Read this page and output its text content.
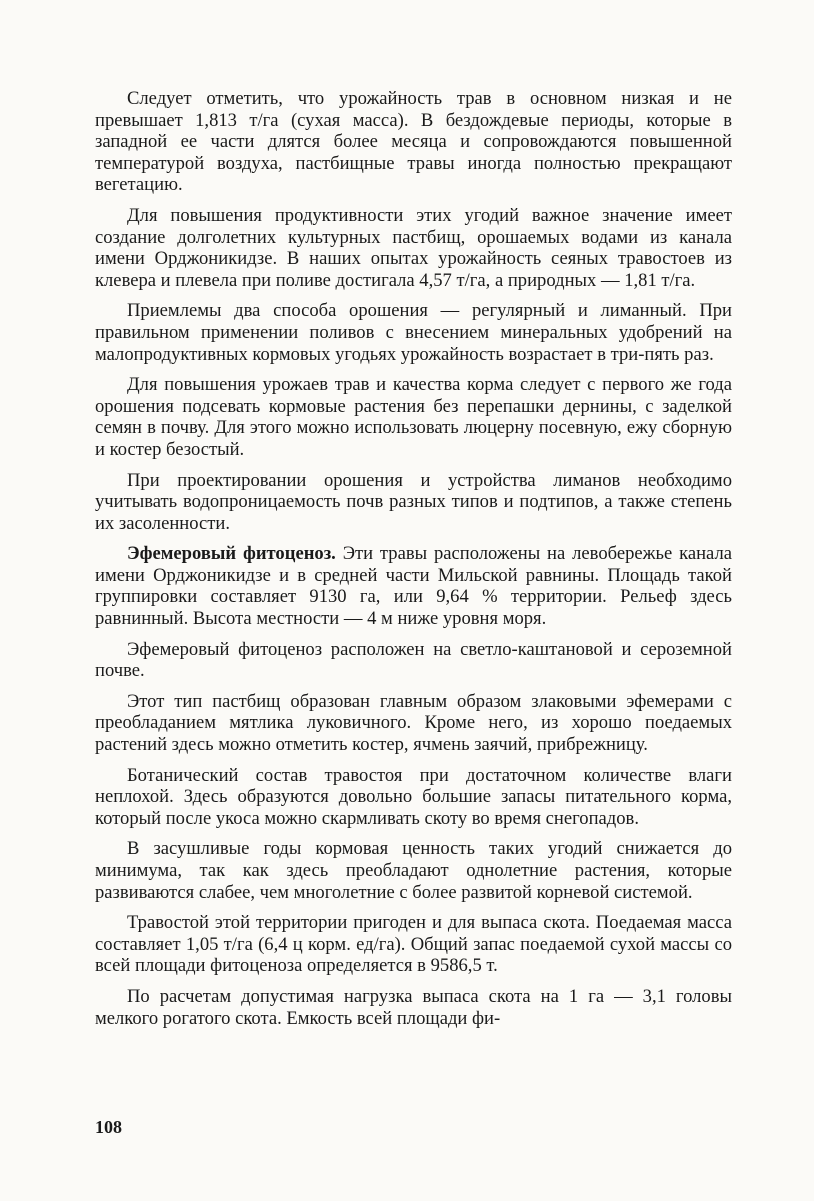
Следует отметить, что урожайность трав в основном низкая и не превышает 1,813 т/га (сухая масса). В бездождевые периоды, которые в западной ее части длятся более месяца и сопровождаются повышенной температурой воздуха, пастбищные травы иногда полностью прекращают вегетацию.

Для повышения продуктивности этих угодий важное значение имеет создание долголетних культурных пастбищ, орошаемых водами из канала имени Орджоникидзе. В наших опытах урожайность сеяных травостоев из клевера и плевела при поливе достигала 4,57 т/га, а природных — 1,81 т/га.

Приемлемы два способа орошения — регулярный и лиманный. При правильном применении поливов с внесением минеральных удобрений на малопродуктивных кормовых угодьях урожайность возрастает в три-пять раз.

Для повышения урожаев трав и качества корма следует с первого же года орошения подсевать кормовые растения без перепашки дернины, с заделкой семян в почву. Для этого можно использовать люцерну посевную, ежу сборную и костер безостый.

При проектировании орошения и устройства лиманов необходимо учитывать водопроницаемость почв разных типов и подтипов, а также степень их засоленности.

Эфемеровый фитоценоз. Эти травы расположены на левобережье канала имени Орджоникидзе и в средней части Мильской равнины. Площадь такой группировки составляет 9130 га, или 9,64 % территории. Рельеф здесь равнинный. Высота местности — 4 м ниже уровня моря.

Эфемеровый фитоценоз расположен на светло-каштановой и сероземной почве.

Этот тип пастбищ образован главным образом злаковыми эфемерами с преобладанием мятлика луковичного. Кроме него, из хорошо поедаемых растений здесь можно отметить костер, ячмень заячий, прибрежницу.

Ботанический состав травостоя при достаточном количестве влаги неплохой. Здесь образуются довольно большие запасы питательного корма, который после укоса можно скармливать скоту во время снегопадов.

В засушливые годы кормовая ценность таких угодий снижается до минимума, так как здесь преобладают однолетние растения, которые развиваются слабее, чем многолетние с более развитой корневой системой.

Травостой этой территории пригоден и для выпаса скота. Поедаемая масса составляет 1,05 т/га (6,4 ц корм. ед/га). Общий запас поедаемой сухой массы со всей площади фитоценоза определяется в 9586,5 т.

По расчетам допустимая нагрузка выпаса скота на 1 га — 3,1 головы мелкого рогатого скота. Емкость всей площади фи-

108
